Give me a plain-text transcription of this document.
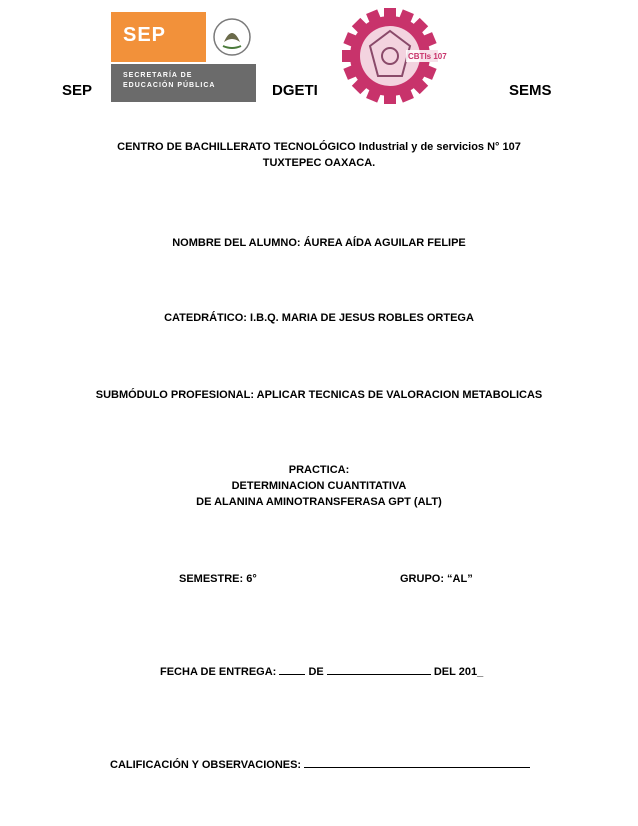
SEP	DGETI	SEMS
SEP
SECRETARÍA DE
EDUCACIÓN PÚBLICA
CBTIs 107
CENTRO DE BACHILLERATO TECNOLÓGICO Industrial y de servicios N° 107
TUXTEPEC OAXACA.
NOMBRE DEL ALUMNO: ÁUREA AÍDA AGUILAR FELIPE
CATEDRÁTICO: I.B.Q. MARIA DE JESUS ROBLES ORTEGA
SUBMÓDULO PROFESIONAL: APLICAR TECNICAS DE VALORACION METABOLICAS
PRACTICA:
DETERMINACION CUANTITATIVA
DE ALANINA AMINOTRANSFERASA GPT (ALT)
SEMESTRE: 6°	GRUPO: “AL”
FECHA DE ENTREGA:	DE	DEL 201_
CALIFICACIÓN Y OBSERVACIONES:
